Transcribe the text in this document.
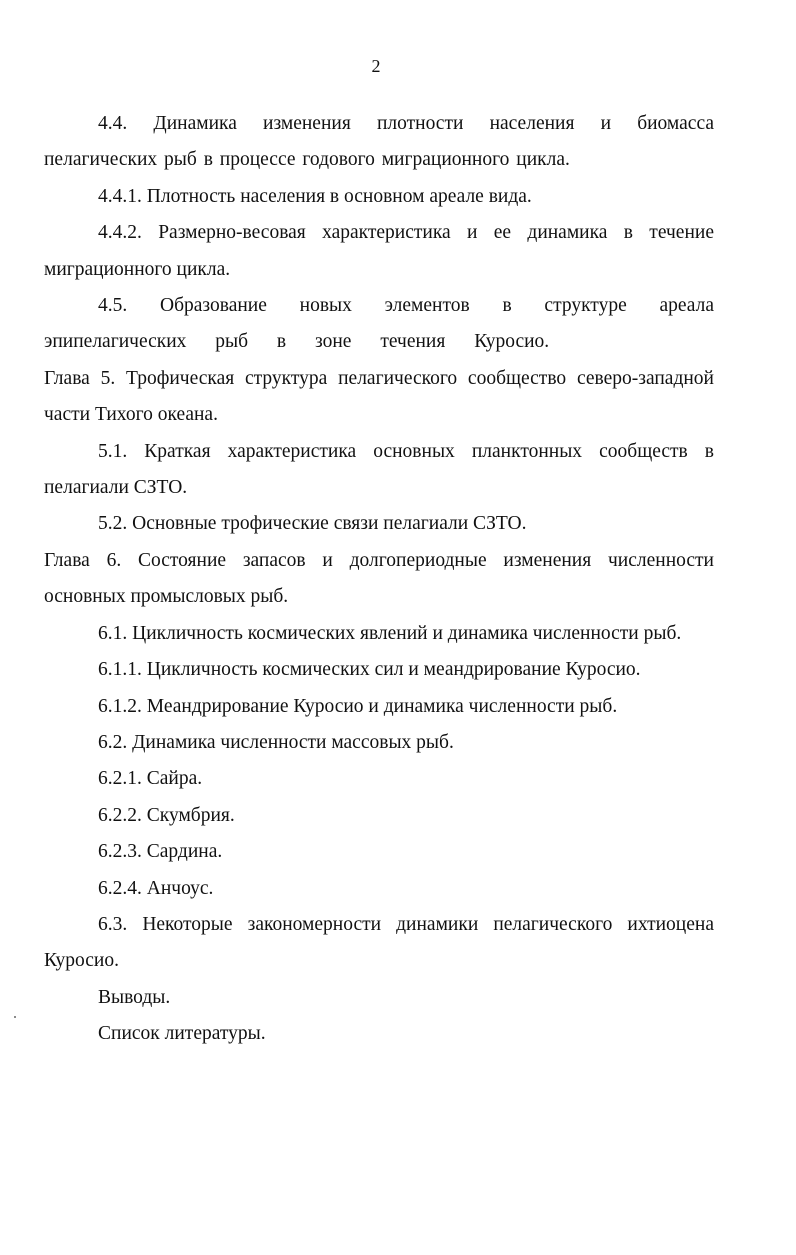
2

4.4. Динамика изменения плотности населения и биомасса пелагических рыб в процессе годового миграционного цикла.

4.4.1. Плотность населения в основном ареале вида.

4.4.2. Размерно-весовая характеристика и ее динамика в течение миграционного цикла.

4.5. Образование новых элементов в структуре ареала эпипелагических рыб в зоне течения Куросио.

Глава 5. Трофическая структура пелагического сообщество северо-западной части Тихого океана.

5.1. Краткая характеристика основных планктонных сообществ в пелагиали СЗТО.

5.2. Основные трофические связи пелагиали СЗТО.

Глава 6. Состояние запасов и долгопериодные изменения численности основных промысловых рыб.

6.1. Цикличность космических явлений и динамика численности рыб.

6.1.1. Цикличность космических сил и меандрирование Куросио.

6.1.2. Меандрирование Куросио и динамика численности рыб.

6.2. Динамика численности массовых рыб.

6.2.1. Сайра.

6.2.2. Скумбрия.

6.2.3. Сардина.

6.2.4. Анчоус.

6.3. Некоторые закономерности динамики пелагического ихтиоцена Куросио.

Выводы.

Список литературы.
